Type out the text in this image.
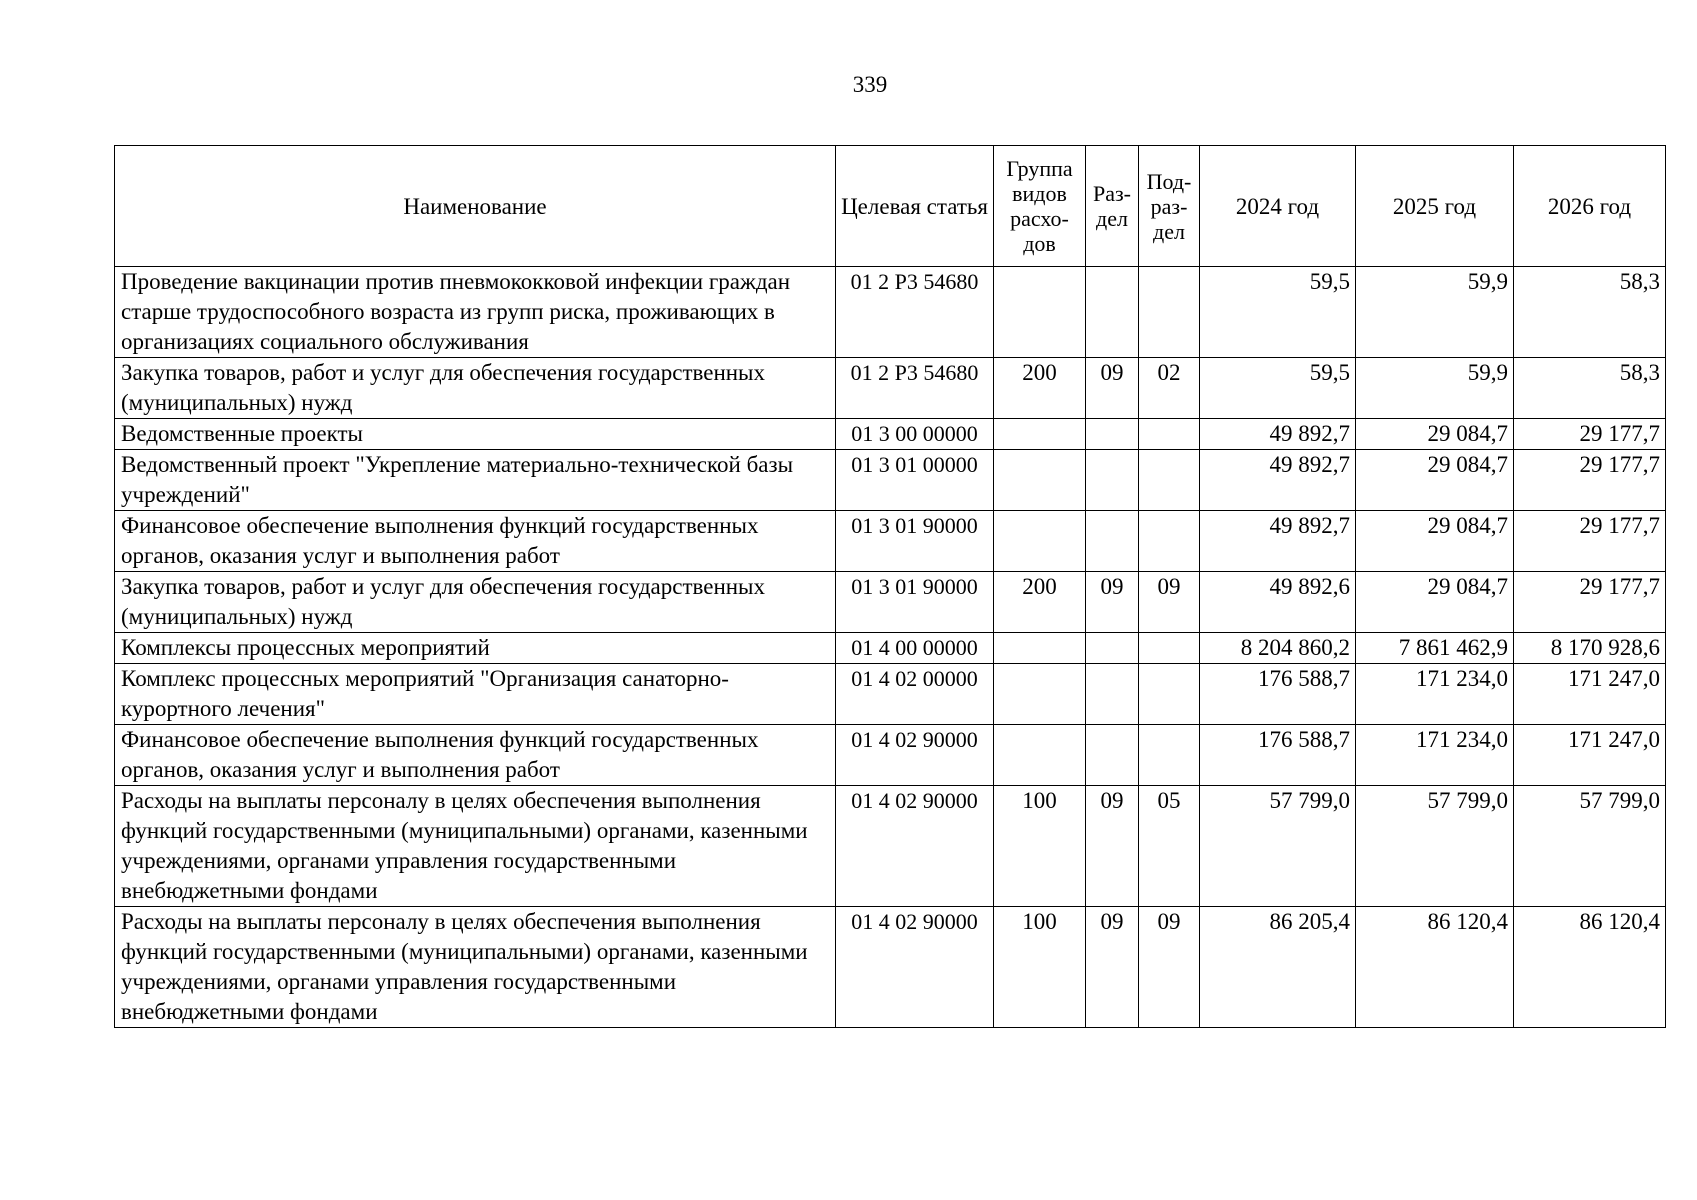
339
Наименование	Целевая статья	Группа видов расхо- дов	Раз- дел	Под- раз- дел	2024 год	2025 год	2026 год
Проведение вакцинации против пневмококковой инфекции граждан старше трудоспособного возраста из групп риска, проживающих в организациях социального обслуживания	01 2 Р3 54680				59,5	59,9	58,3
Закупка товаров, работ и услуг для обеспечения государственных (муниципальных) нужд	01 2 Р3 54680	200	09	02	59,5	59,9	58,3
Ведомственные проекты	01 3 00 00000				49 892,7	29 084,7	29 177,7
Ведомственный проект "Укрепление материально-технической базы учреждений"	01 3 01 00000				49 892,7	29 084,7	29 177,7
Финансовое обеспечение выполнения функций государственных органов, оказания услуг и выполнения работ	01 3 01 90000				49 892,7	29 084,7	29 177,7
Закупка товаров, работ и услуг для обеспечения государственных (муниципальных) нужд	01 3 01 90000	200	09	09	49 892,6	29 084,7	29 177,7
Комплексы процессных мероприятий	01 4 00 00000				8 204 860,2	7 861 462,9	8 170 928,6
Комплекс процессных мероприятий "Организация санаторно-курортного лечения"	01 4 02 00000				176 588,7	171 234,0	171 247,0
Финансовое обеспечение выполнения функций государственных органов, оказания услуг и выполнения работ	01 4 02 90000				176 588,7	171 234,0	171 247,0
Расходы на выплаты персоналу в целях обеспечения выполнения функций государственными (муниципальными) органами, казенными учреждениями, органами управления государственными внебюджетными фондами	01 4 02 90000	100	09	05	57 799,0	57 799,0	57 799,0
Расходы на выплаты персоналу в целях обеспечения выполнения функций государственными (муниципальными) органами, казенными учреждениями, органами управления государственными внебюджетными фондами	01 4 02 90000	100	09	09	86 205,4	86 120,4	86 120,4
